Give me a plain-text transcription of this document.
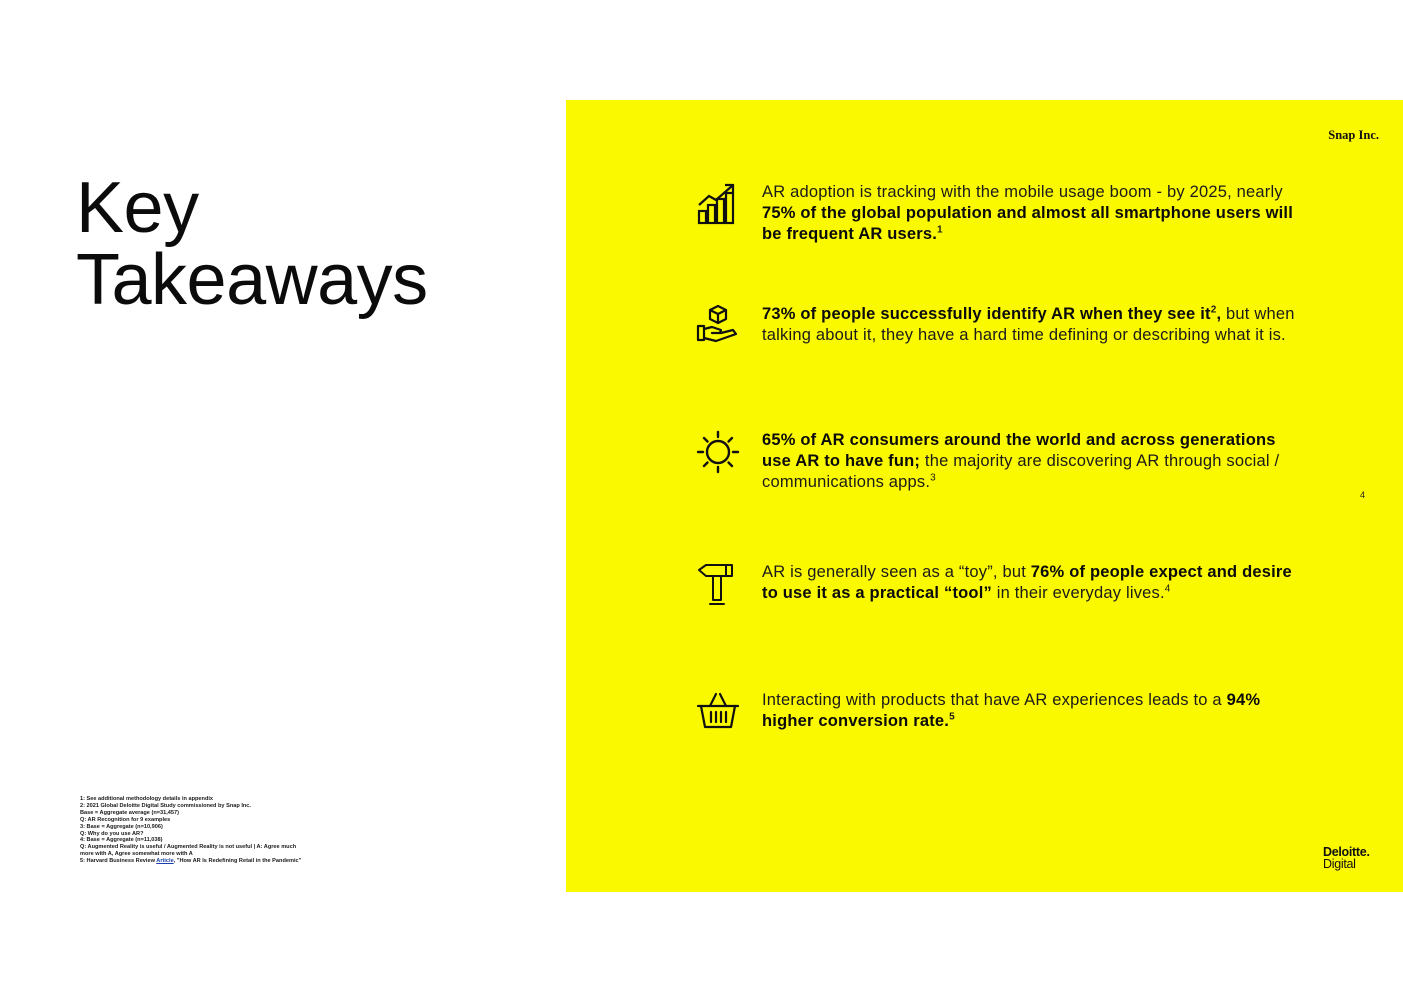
Key
Takeaways
1: See additional methodology details in appendix
2: 2021 Global Deloitte Digital Study commissioned by Snap Inc.
Base = Aggregate average (n=31,457)
Q: AR Recognition for 9 examples
3: Base = Aggregate (n=10,906)
Q: Why do you use AR?
4: Base = Aggregate (n=11,038)
Q: Augmented Reality is useful / Augmented Reality is not useful | A: Agree much
more with A, Agree somewhat more with A
5: Harvard Business Review Article, "How AR Is Redefining Retail in the Pandemic"
Snap Inc.
4
AR adoption is tracking with the mobile usage boom - by 2025, nearly 75% of the global population and almost all smartphone users will be frequent AR users.$^1$
73% of people successfully identify AR when they see $it^2$, but when talking about it, they have a hard time defining or describing what it is.
65% of AR consumers around the world and across generations use AR to have fun; the majority are discovering AR through social / communications apps.$^3$
AR is generally seen as a “toy”, but 76% of people expect and desire to use it as a practical “tool” in their everyday lives.$^4$
Interacting with products that have AR experiences leads to a 94% higher conversion rate.$^5$
Deloitte.
Digital
